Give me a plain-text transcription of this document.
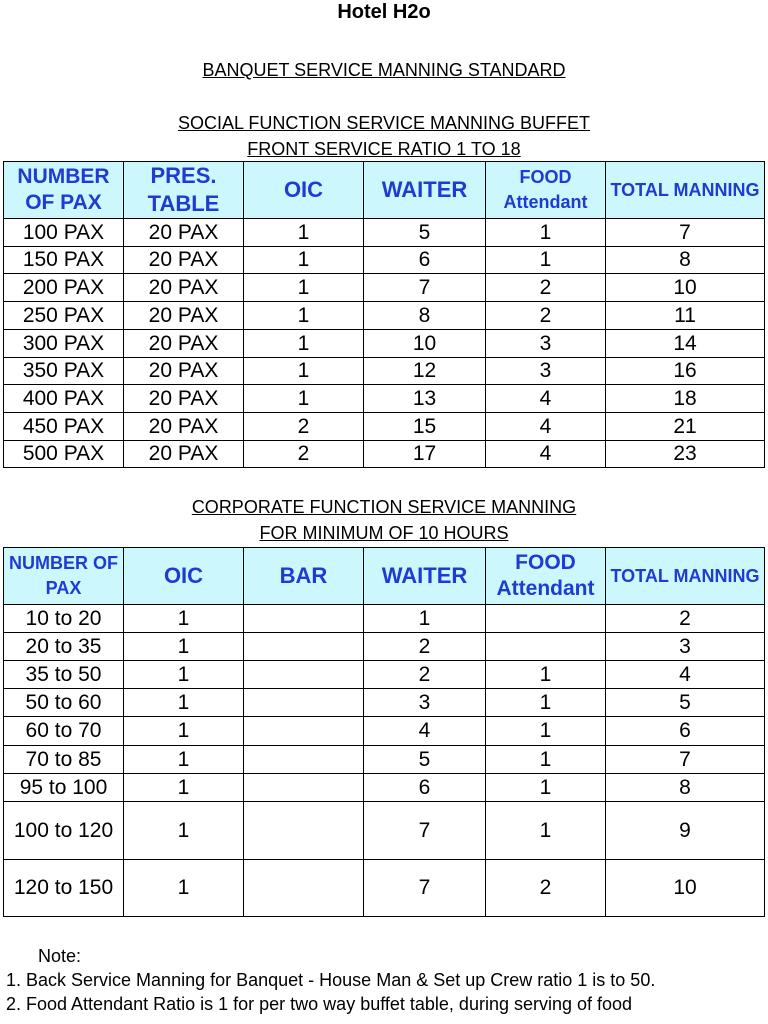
Hotel H2o
BANQUET SERVICE MANNING STANDARD
SOCIAL FUNCTION SERVICE MANNING BUFFET
FRONT SERVICE RATIO 1 TO 18
NUMBER OF PAX	PRES. TABLE	OIC	WAITER	FOOD Attendant	TOTAL MANNING
100 PAX	20 PAX	1	5	1	7
150 PAX	20 PAX	1	6	1	8
200 PAX	20 PAX	1	7	2	10
250 PAX	20 PAX	1	8	2	11
300 PAX	20 PAX	1	10	3	14
350 PAX	20 PAX	1	12	3	16
400 PAX	20 PAX	1	13	4	18
450 PAX	20 PAX	2	15	4	21
500 PAX	20 PAX	2	17	4	23
CORPORATE FUNCTION SERVICE MANNING
FOR MINIMUM OF 10 HOURS
NUMBER OF PAX	OIC	BAR	WAITER	FOOD Attendant	TOTAL MANNING
10 to 20	1		1		2
20 to 35	1		2		3
35 to 50	1		2	1	4
50 to 60	1		3	1	5
60 to 70	1		4	1	6
70 to 85	1		5	1	7
95 to 100	1		6	1	8
100 to 120	1		7	1	9
120 to 150	1		7	2	10
Note:
1. Back Service Manning for Banquet - House Man & Set up Crew ratio 1 is to 50.
2. Food Attendant Ratio is 1 for per two way buffet table, during serving of food
